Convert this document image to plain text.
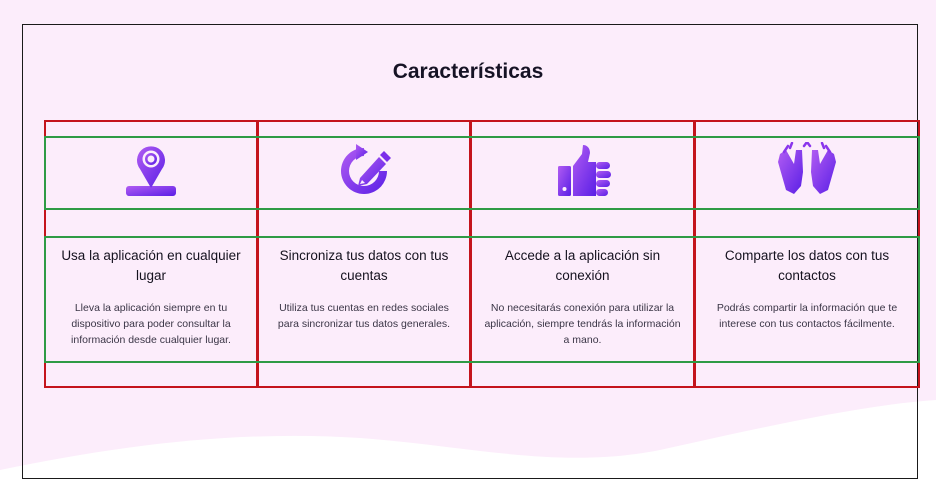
Características
Usa la aplicación en cualquier lugar
Lleva la aplicación siempre en tu dispositivo para poder consultar la información desde cualquier lugar.
Sincroniza tus datos con tus cuentas
Utiliza tus cuentas en redes sociales para sincronizar tus datos generales.
Accede a la aplicación sin conexión
No necesitarás conexión para utilizar la aplicación, siempre tendrás la información a mano.
Comparte los datos con tus contactos
Podrás compartir la información que te interese con tus contactos fácilmente.
